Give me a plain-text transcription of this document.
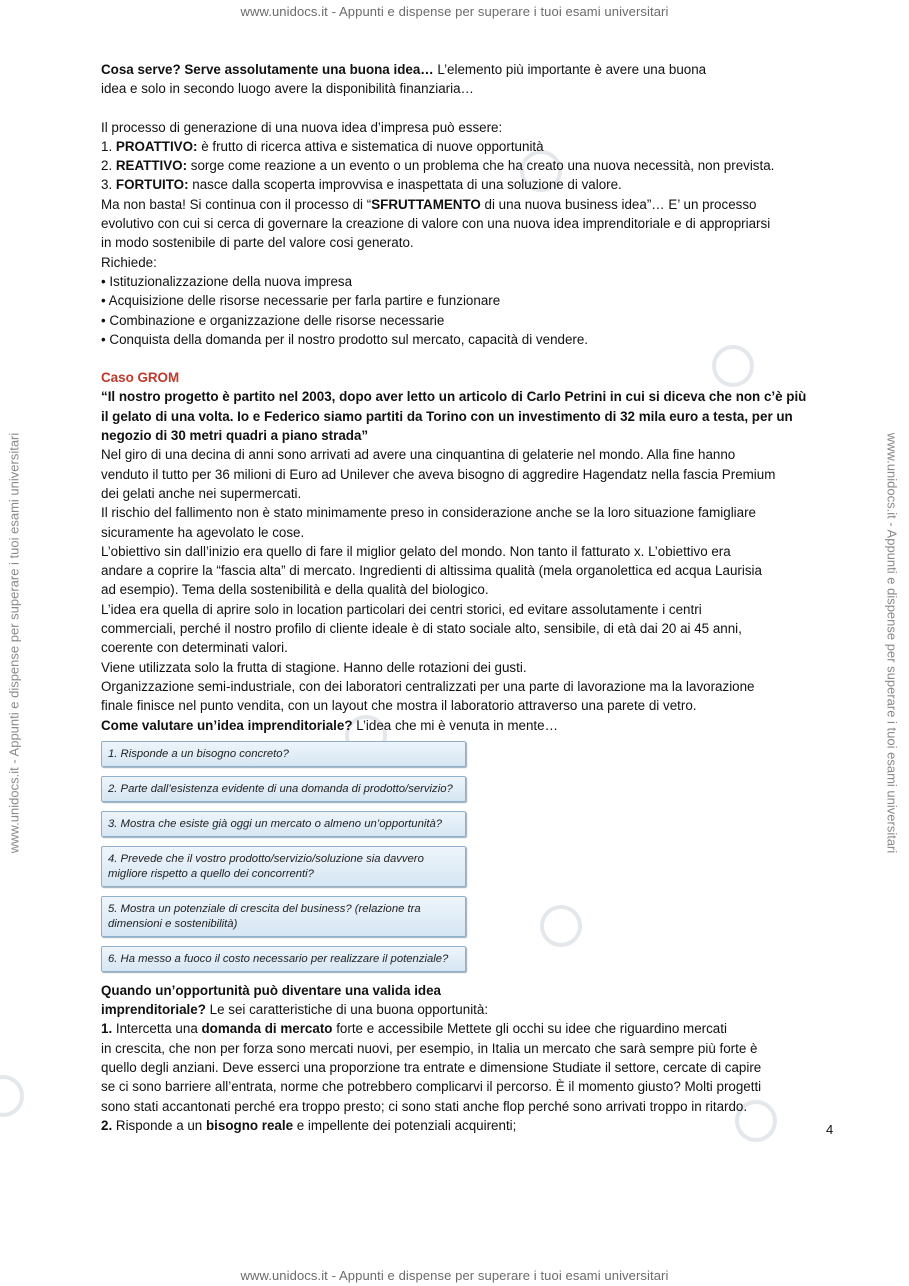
www.unidocs.it - Appunti e dispense per superare i tuoi esami universitari
www.unidocs.it - Appunti e dispense per superare i tuoi esami universitari	www.unidocs.it - Appunti e dispense per superare i tuoi esami universitari

Cosa serve? Serve assolutamente una buona idea… L’elemento più importante è avere una buona

idea e solo in secondo luogo avere la disponibilità finanziaria…

Il processo di generazione di una nuova idea d’impresa può essere:

1. PROATTIVO: è frutto di ricerca attiva e sistematica di nuove opportunità

2. REATTIVO: sorge come reazione a un evento o un problema che ha creato una nuova necessità, non prevista.

3. FORTUITO: nasce dalla scoperta improvvisa e inaspettata di una soluzione di valore.

Ma non basta! Si continua con il processo di “SFRUTTAMENTO di una nuova business idea”… E’ un processo

evolutivo con cui si cerca di governare la creazione di valore con una nuova idea imprenditoriale e di appropriarsi

in modo sostenibile di parte del valore cosi generato.

Richiede:

• Istituzionalizzazione della nuova impresa

• Acquisizione delle risorse necessarie per farla partire e funzionare

• Combinazione e organizzazione delle risorse necessarie

• Conquista della domanda per il nostro prodotto sul mercato, capacità di vendere.

Caso GROM

“Il nostro progetto è partito nel 2003, dopo aver letto un articolo di Carlo Petrini in cui si diceva che non c’è più

il gelato di una volta. Io e Federico siamo partiti da Torino con un investimento di 32 mila euro a testa, per un

negozio di 30 metri quadri a piano strada”

Nel giro di una decina di anni sono arrivati ad avere una cinquantina di gelaterie nel mondo. Alla fine hanno

venduto il tutto per 36 milioni di Euro ad Unilever che aveva bisogno di aggredire Hagendatz nella fascia Premium

dei gelati anche nei supermercati.

Il rischio del fallimento non è stato minimamente preso in considerazione anche se la loro situazione famigliare

sicuramente ha agevolato le cose.

L’obiettivo sin dall’inizio era quello di fare il miglior gelato del mondo. Non tanto il fatturato x. L’obiettivo era

andare a coprire la “fascia alta” di mercato. Ingredienti di altissima qualità (mela organolettica ed acqua Laurisia

ad esempio). Tema della sostenibilità e della qualità del biologico.

L’idea era quella di aprire solo in location particolari dei centri storici, ed evitare assolutamente i centri

commerciali, perché il nostro profilo di cliente ideale è di stato sociale alto, sensibile, di età dai 20 ai 45 anni,

coerente con determinati valori.

Viene utilizzata solo la frutta di stagione. Hanno delle rotazioni dei gusti.

Organizzazione semi-industriale, con dei laboratori centralizzati per una parte di lavorazione ma la lavorazione

finale finisce nel punto vendita, con un layout che mostra il laboratorio attraverso una parete di vetro.

Come valutare un’idea imprenditoriale? L’idea che mi è venuta in mente…

1. Risponde a un bisogno concreto?
2. Parte dall’esistenza evidente di una domanda di prodotto/servizio?
3. Mostra che esiste già oggi un mercato o almeno un’opportunità?
4. Prevede che il vostro prodotto/servizio/soluzione sia davvero migliore rispetto a quello dei concorrenti?
5. Mostra un potenziale di crescita del business? (relazione tra dimensioni e sostenibilità)
6. Ha messo a fuoco il costo necessario per realizzare il potenziale?

Quando un’opportunità può diventare una valida idea

imprenditoriale? Le sei caratteristiche di una buona opportunità:

1. Intercetta una domanda di mercato forte e accessibile Mettete gli occhi su idee che riguardino mercati

in crescita, che non per forza sono mercati nuovi, per esempio, in Italia un mercato che sarà sempre più forte è

quello degli anziani. Deve esserci una proporzione tra entrate e dimensione Studiate il settore, cercate di capire

se ci sono barriere all’entrata, norme che potrebbero complicarvi il percorso. È il momento giusto? Molti progetti

sono stati accantonati perché era troppo presto; ci sono stati anche flop perché sono arrivati troppo in ritardo.

2. Risponde a un bisogno reale e impellente dei potenziali acquirenti;	4
www.unidocs.it - Appunti e dispense per superare i tuoi esami universitari
